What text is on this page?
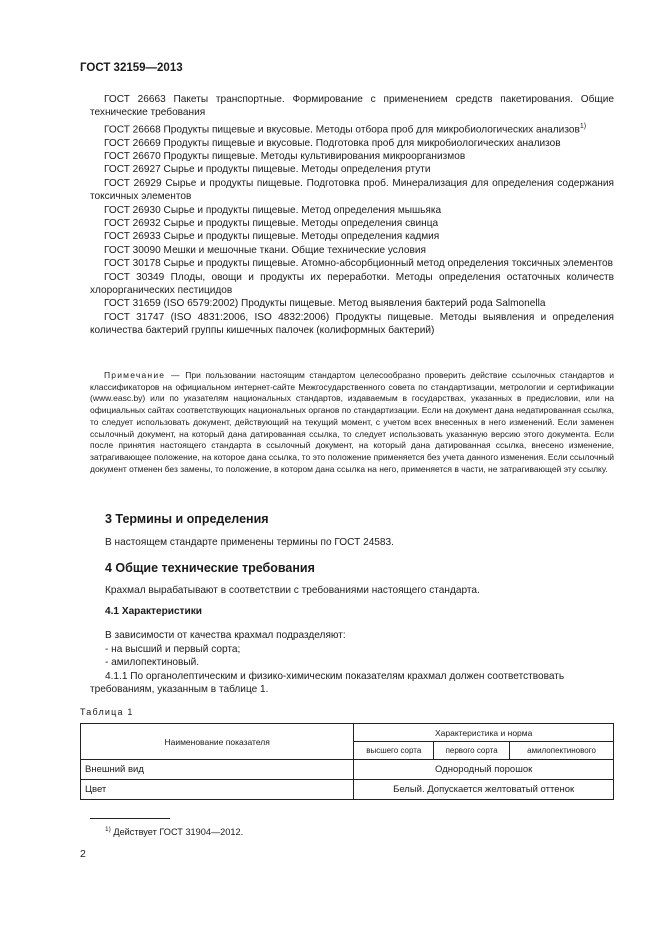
ГОСТ 32159—2013

ГОСТ 26663 Пакеты транспортные. Формирование с применением средств пакетирования. Общие технические требования

ГОСТ 26668 Продукты пищевые и вкусовые. Методы отбора проб для микробиологических анализов$^{1)}$

ГОСТ 26669 Продукты пищевые и вкусовые. Подготовка проб для микробиологических анализов

ГОСТ 26670 Продукты пищевые. Методы культивирования микроорганизмов

ГОСТ 26927 Сырье и продукты пищевые. Методы определения ртути

ГОСТ 26929 Сырье и продукты пищевые. Подготовка проб. Минерализация для определения содержания токсичных элементов

ГОСТ 26930 Сырье и продукты пищевые. Метод определения мышьяка

ГОСТ 26932 Сырье и продукты пищевые. Методы определения свинца

ГОСТ 26933 Сырье и продукты пищевые. Методы определения кадмия

ГОСТ 30090 Мешки и мешочные ткани. Общие технические условия

ГОСТ 30178 Сырье и продукты пищевые. Атомно-абсорбционный метод определения токсичных элементов

ГОСТ 30349 Плоды, овощи и продукты их переработки. Методы определения остаточных количеств хлорорганических пестицидов

ГОСТ 31659 (ISO 6579:2002) Продукты пищевые. Метод выявления бактерий рода Salmonella

ГОСТ 31747 (ISO 4831:2006, ISO 4832:2006) Продукты пищевые. Методы выявления и определения количества бактерий группы кишечных палочек (колиформных бактерий)

Примечание — При пользовании настоящим стандартом целесообразно проверить действие ссылочных стандартов и классификаторов на официальном интернет-сайте Межгосударственного совета по стандартизации, метрологии и сертификации (www.easc.by) или по указателям национальных стандартов, издаваемым в государствах, указанных в предисловии, или на официальных сайтах соответствующих национальных органов по стандартизации. Если на документ дана недатированная ссылка, то следует использовать документ, действующий на текущий момент, с учетом всех внесенных в него изменений. Если заменен ссылочный документ, на который дана датированная ссылка, то следует использовать указанную версию этого документа. Если после принятия настоящего стандарта в ссылочный документ, на который дана датированная ссылка, внесено изменение, затрагивающее положение, на которое дана ссылка, то это положение применяется без учета данного изменения. Если ссылочный документ отменен без замены, то положение, в котором дана ссылка на него, применяется в части, не затрагивающей эту ссылку.

3 Термины и определения

В настоящем стандарте применены термины по ГОСТ 24583.

4 Общие технические требования

Крахмал вырабатывают в соответствии с требованиями настоящего стандарта.

4.1 Характеристики

В зависимости от качества крахмал подразделяют:

- на высший и первый сорта;

- амилопектиновый.

4.1.1 По органолептическим и физико-химическим показателям крахмал должен соответствовать требованиям, указанным в таблице 1.

Таблица 1
Наименование показателя	Характеристика и норма		
	высшего сорта	первого сорта	амилопектинового
Внешний вид	Однородный порошок		
Цвет	Белый. Допускается желтоватый оттенок		
$^{1)}$ Действует ГОСТ 31904—2012.
2
